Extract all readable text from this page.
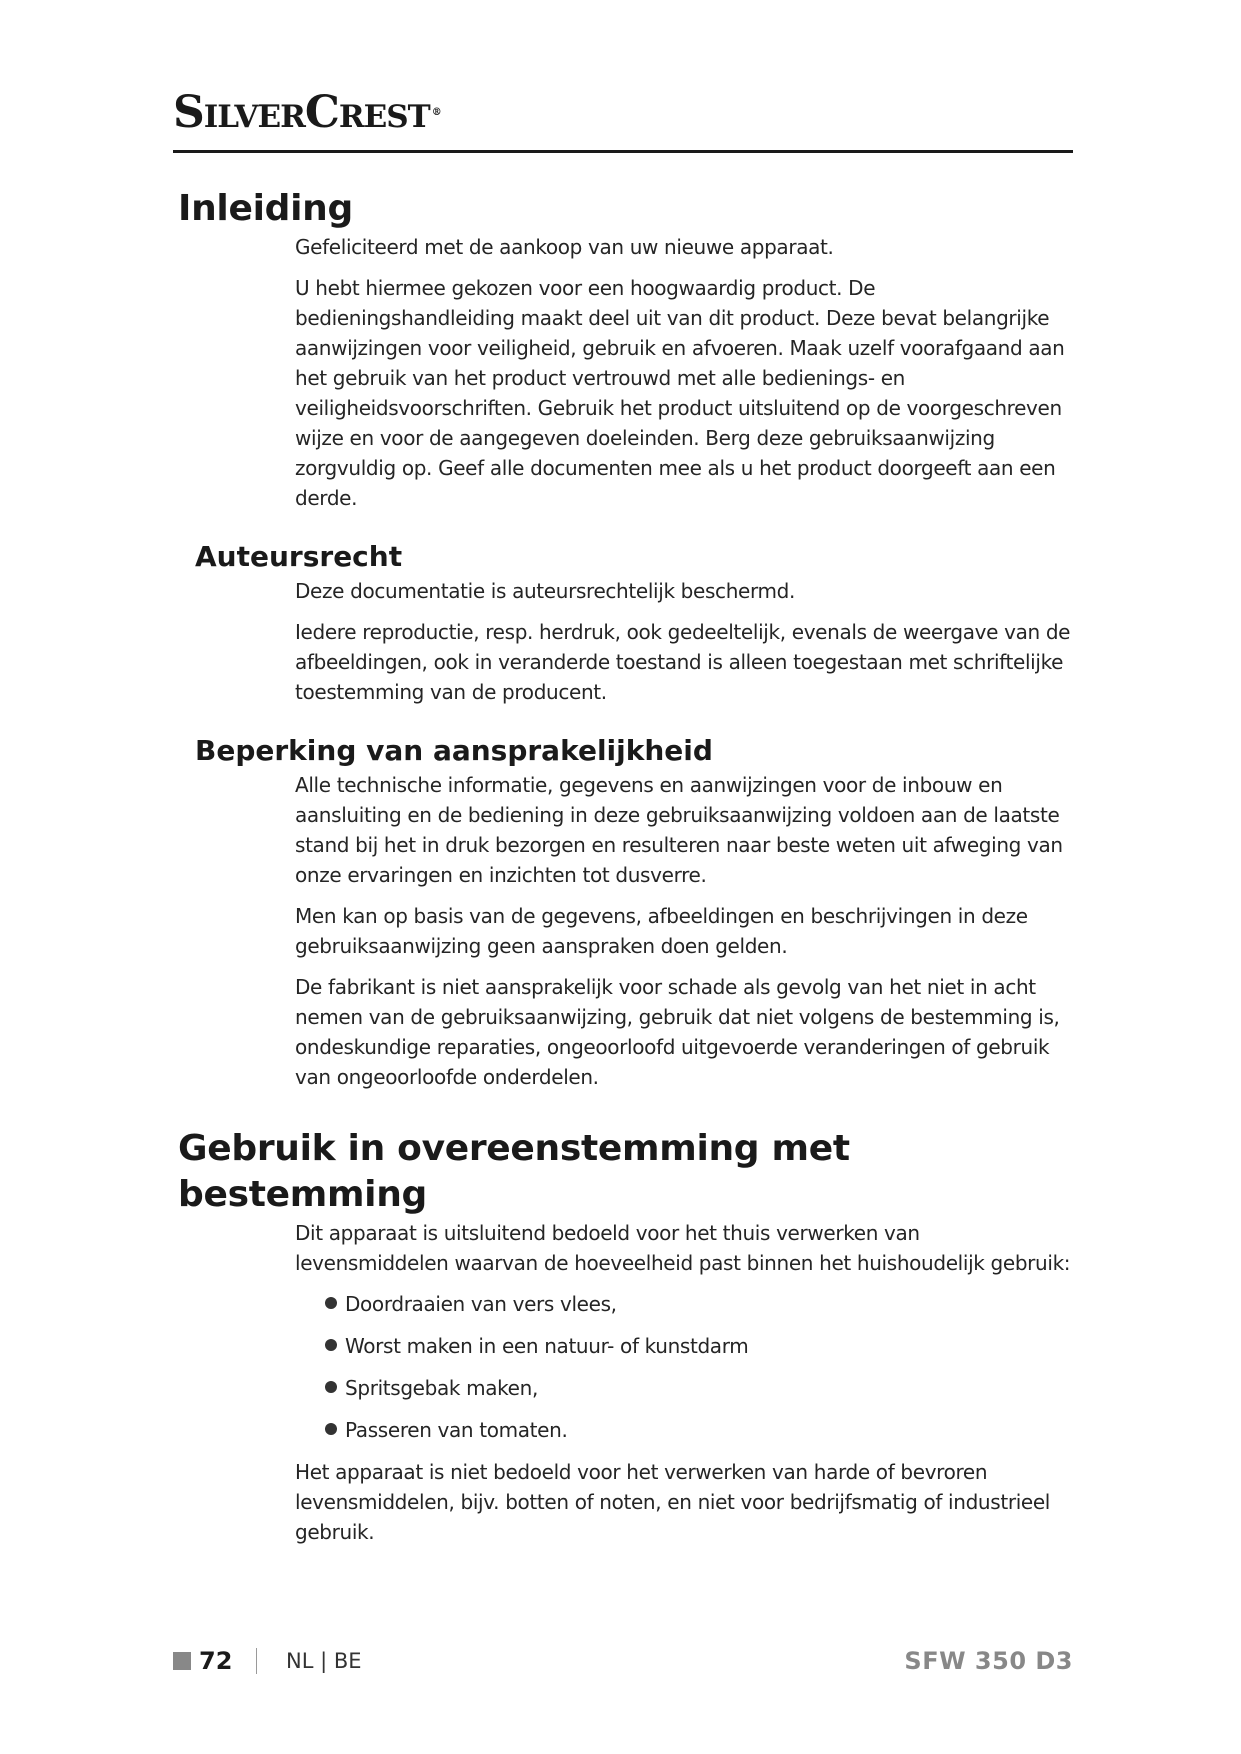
SilverCrest ®

Inleiding

Gefeliciteerd met de aankoop van uw nieuwe apparaat.

U hebt hiermee gekozen voor een hoogwaardig product. De bedieningshandleiding maakt deel uit van dit product. Deze bevat belangrijke aanwijzingen voor veiligheid, gebruik en afvoeren. Maak uzelf voorafgaand aan het gebruik van het product vertrouwd met alle bedienings- en veiligheidsvoorschriften. Gebruik het product uitsluitend op de voorgeschreven wijze en voor de aangegeven doeleinden. Berg deze gebruiksaanwijzing zorgvuldig op. Geef alle documenten mee als u het product doorgeeft aan een derde.

Auteursrecht

Deze documentatie is auteursrechtelijk beschermd.

Iedere reproductie, resp. herdruk, ook gedeeltelijk, evenals de weergave van de afbeeldingen, ook in veranderde toestand is alleen toegestaan met schriftelijke toestemming van de producent.

Beperking van aansprakelijkheid

Alle technische informatie, gegevens en aanwijzingen voor de inbouw en aansluiting en de bediening in deze gebruiksaanwijzing voldoen aan de laatste stand bij het in druk bezorgen en resulteren naar beste weten uit afweging van onze ervaringen en inzichten tot dusverre.

Men kan op basis van de gegevens, afbeeldingen en beschrijvingen in deze gebruiksaanwijzing geen aanspraken doen gelden.

De fabrikant is niet aansprakelijk voor schade als gevolg van het niet in acht nemen van de gebruiksaanwijzing, gebruik dat niet volgens de bestemming is, ondeskundige reparaties, ongeoorloofd uitgevoerde veranderingen of gebruik van ongeoorloofde onderdelen.

Gebruik in overeenstemming met bestemming

Dit apparaat is uitsluitend bedoeld voor het thuis verwerken van levensmiddelen waarvan de hoeveelheid past binnen het huishoudelijk gebruik:

Doordraaien van vers vlees,
Worst maken in een natuur- of kunstdarm
Spritsgebak maken,
Passeren van tomaten.

Het apparaat is niet bedoeld voor het verwerken van harde of bevroren levensmiddelen, bijv. botten of noten, en niet voor bedrijfsmatig of industrieel gebruik.

72	NL | BE	SFW 350 D3
